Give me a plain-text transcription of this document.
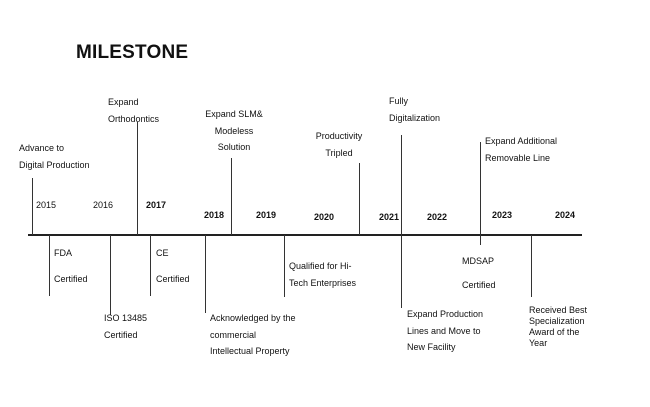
MILESTONE
2015	2016	2017
2018	2019	2020	2021	2022	2023	2024
Advance to
Digital Production
Expand
Orthodontics	Expand SLM&
Modeless
Solution
Productivity
Tripled
Fully
Digitalization
Expand Additional
Removable Line
FDA
Certified
ISO 13485
Certified
CE
Certified
Acknowledged by the
commercial
Intellectual Property
Qualified for Hi-
Tech Enterprises
Expand Production
Lines and Move to
New Facility
MDSAP
Certified
Received Best
Specialization
Award of the
Year
